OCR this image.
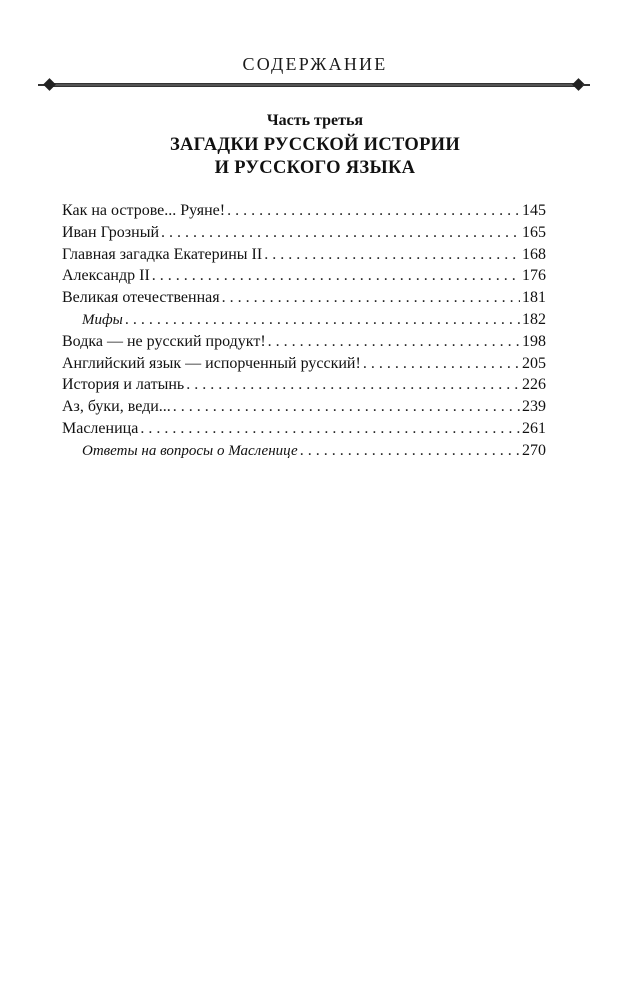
СОДЕРЖАНИЕ
Часть третья
ЗАГАДКИ РУССКОЙ ИСТОРИИ
И РУССКОГО ЯЗЫКА
Как на острове... Руяне! . . .	145
Иван Грозный . . .	165
Главная загадка Екатерины II . . .	168
Александр II . . .	176
Великая отечественная . . .	181
Мифы . . .	182
Водка — не русский продукт! . . .	198
Английский язык — испорченный русский! . . .	205
История и латынь . . .	226
Аз, буки, веди... . . .	239
Масленица . . .	261
Ответы на вопросы о Масленице . . .	270
